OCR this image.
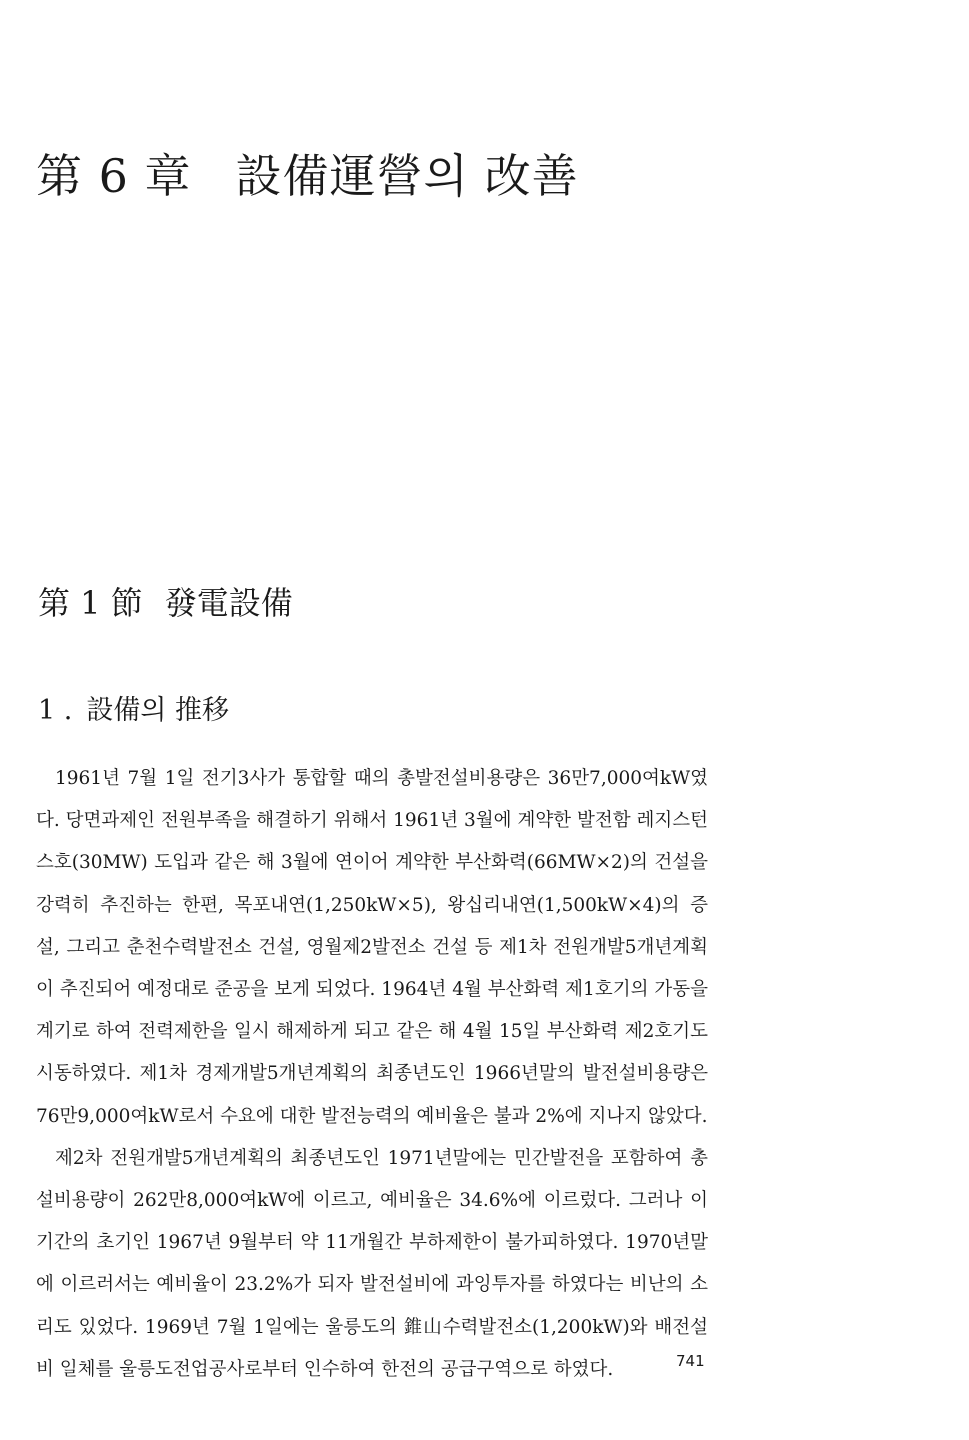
第 6 章 設備運營의 改善
第 1 節 發電設備
1 . 設備의 推移

1961년 7월 1일 전기3사가 통합할 때의 총발전설비용량은 36만7,000여kW였다. 당면과제인 전원부족을 해결하기 위해서 1961년 3월에 계약한 발전함 레지스턴스호(30MW) 도입과 같은 해 3월에 연이어 계약한 부산화력(66MW×2)의 건설을 강력히 추진하는 한편, 목포내연(1,250kW×5), 왕십리내연(1,500kW×4)의 증설, 그리고 춘천수력발전소 건설, 영월제2발전소 건설 등 제1차 전원개발5개년계획이 추진되어 예정대로 준공을 보게 되었다. 1964년 4월 부산화력 제1호기의 가동을 계기로 하여 전력제한을 일시 해제하게 되고 같은 해 4월 15일 부산화력 제2호기도 시동하였다. 제1차 경제개발5개년계획의 최종년도인 1966년말의 발전설비용량은 76만9,000여kW로서 수요에 대한 발전능력의 예비율은 불과 2%에 지나지 않았다.

제2차 전원개발5개년계획의 최종년도인 1971년말에는 민간발전을 포함하여 총설비용량이 262만8,000여kW에 이르고, 예비율은 34.6%에 이르렀다. 그러나 이 기간의 초기인 1967년 9월부터 약 11개월간 부하제한이 불가피하였다. 1970년말에 이르러서는 예비율이 23.2%가 되자 발전설비에 과잉투자를 하였다는 비난의 소리도 있었다. 1969년 7월 1일에는 울릉도의 錐山수력발전소(1,200kW)와 배전설비 일체를 울릉도전업공사로부터 인수하여 한전의 공급구역으로 하였다.	741
